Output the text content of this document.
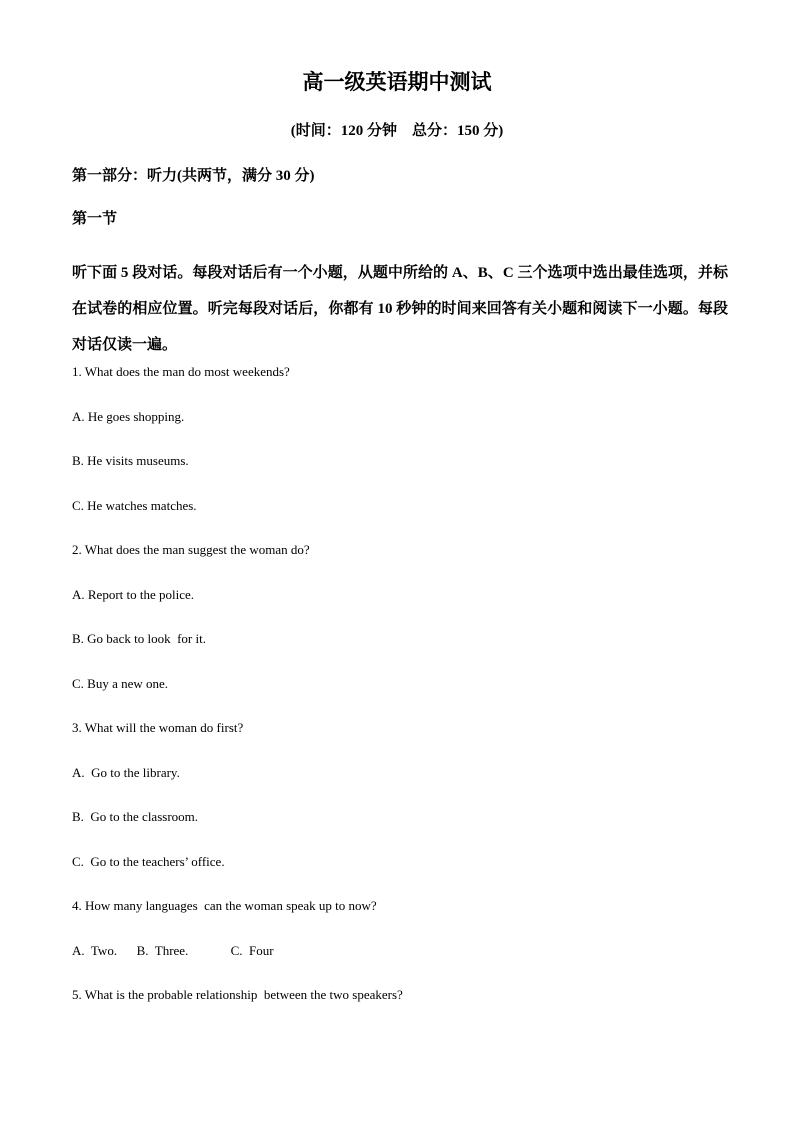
高一级英语期中测试
(时间：120 分钟　总分：150 分)
第一部分：听力(共两节，满分 30 分)
第一节
听下面 5 段对话。每段对话后有一个小题，从题中所给的 A、B、C 三个选项中选出最佳选项，并标在试卷的相应位置。听完每段对话后，你都有 10 秒钟的时间来回答有关小题和阅读下一小题。每段对话仅读一遍。
1. What does the man do most weekends?
A. He goes shopping.
B. He visits museums.
C. He watches matches.
2. What does the man suggest the woman do?
A. Report to the police.
B. Go back to look  for it.
C. Buy a new one.
3. What will the woman do first?
A.  Go to the library.
B.  Go to the classroom.
C.  Go to the teachers’ office.
4. How many languages  can the woman speak up to now?
A.  Two.      B.  Three.             C.  Four
5. What is the probable relationship  between the two speakers?
